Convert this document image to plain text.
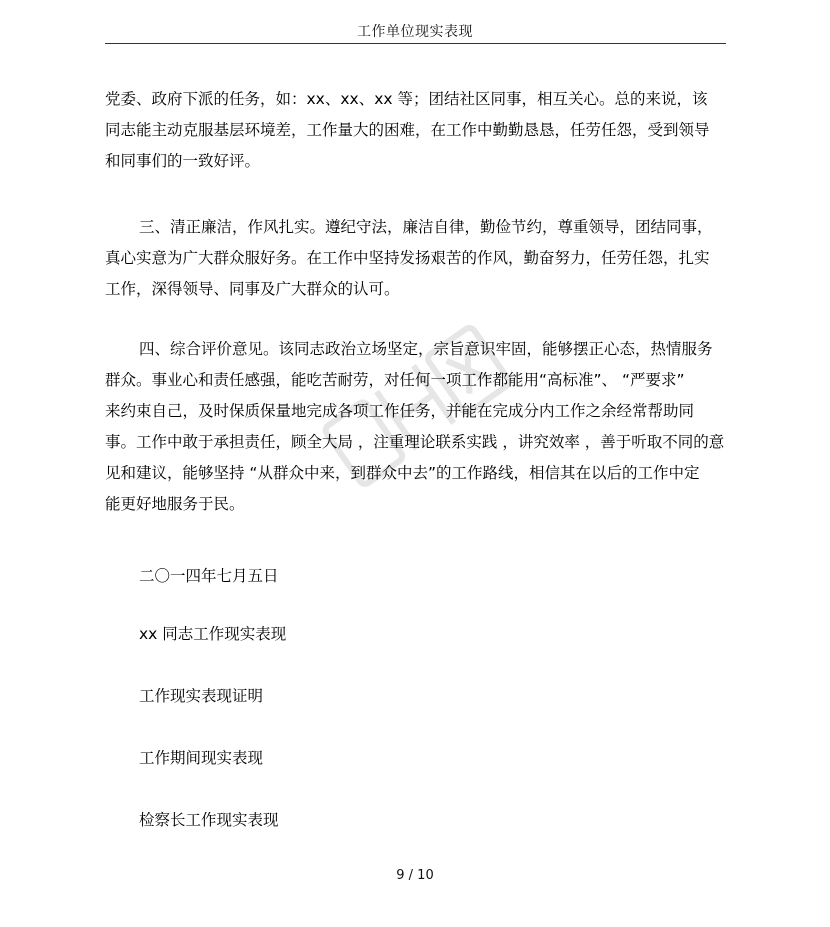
工作单位现实表现
党委、政府下派的任务，如：xx、xx、xx 等；团结社区同事，相互关心。总的来说，该
同志能主动克服基层环境差，工作量大的困难，在工作中勤勤恳恳，任劳任怨，受到领导
和同事们的一致好评。
三、清正廉洁，作风扎实。遵纪守法，廉洁自律，勤俭节约，尊重领导，团结同事，
真心实意为广大群众服好务。在工作中坚持发扬艰苦的作风，勤奋努力，任劳任怨，扎实
工作，深得领导、同事及广大群众的认可。
四、综合评价意见。该同志政治立场坚定，宗旨意识牢固，能够摆正心态，热情服务
群众。事业心和责任感强，能吃苦耐劳，对任何一项工作都能用“高标准”、 “严要求”
来约束自己，及时保质保量地完成各项工作任务，并能在完成分内工作之余经常帮助同
事。工作中敢于承担责任，顾全大局 ，注重理论联系实践 ，讲究效率 ，善于听取不同的意
见和建议，能够坚持 “从群众中来，到群众中去”的工作路线，相信其在以后的工作中定
能更好地服务于民。
二〇一四年七月五日
xx 同志工作现实表现
工作现实表现证明
工作期间现实表现
检察长工作现实表现
9 / 10
